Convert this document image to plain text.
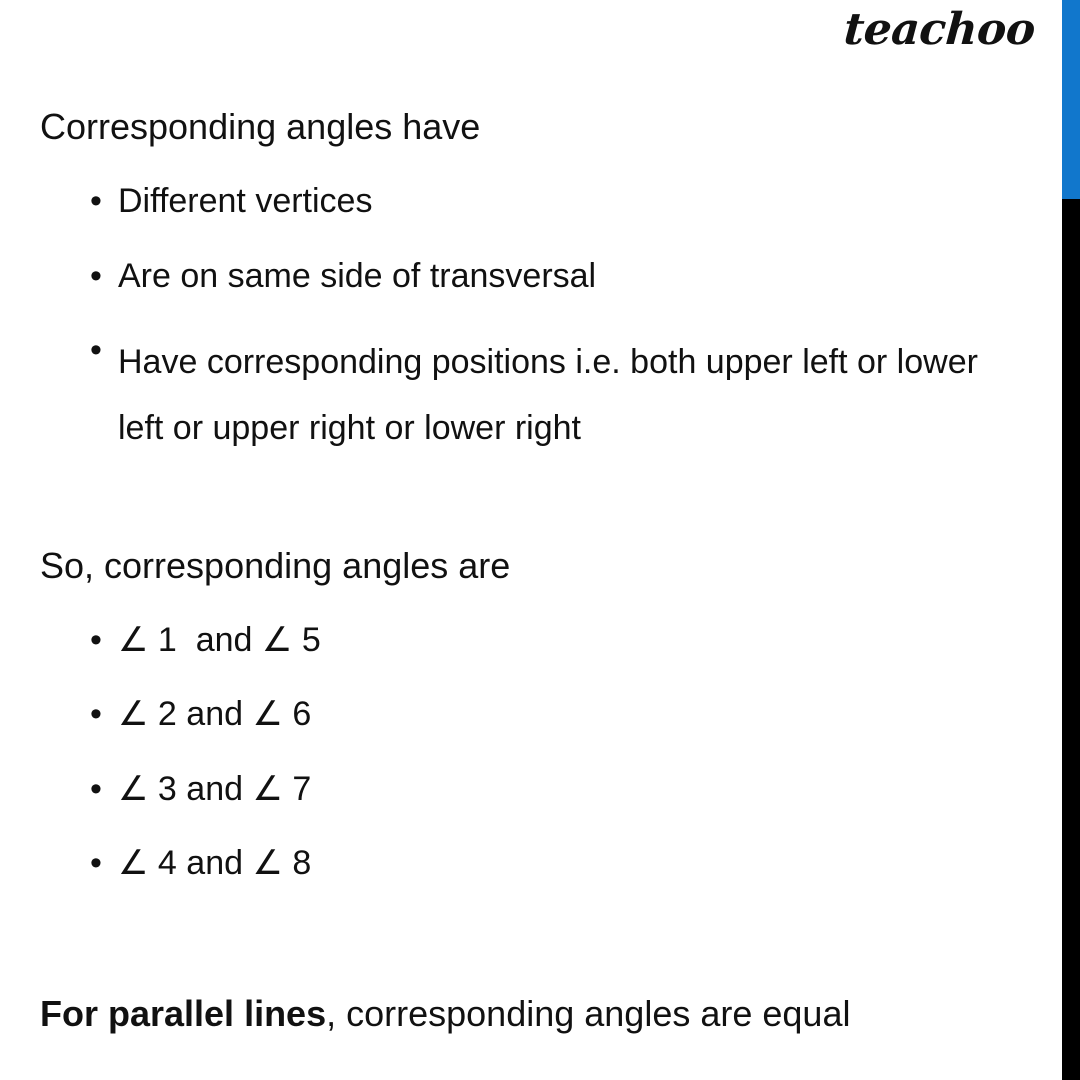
teachoo
Corresponding angles have
• Different vertices
• Are on same side of transversal
• Have corresponding positions i.e. both upper left or lower left or upper right or lower right
So, corresponding angles are
• ∠ 1  and ∠ 5
• ∠ 2 and ∠ 6
• ∠ 3 and ∠ 7
• ∠ 4 and ∠ 8
For parallel lines, corresponding angles are equal
